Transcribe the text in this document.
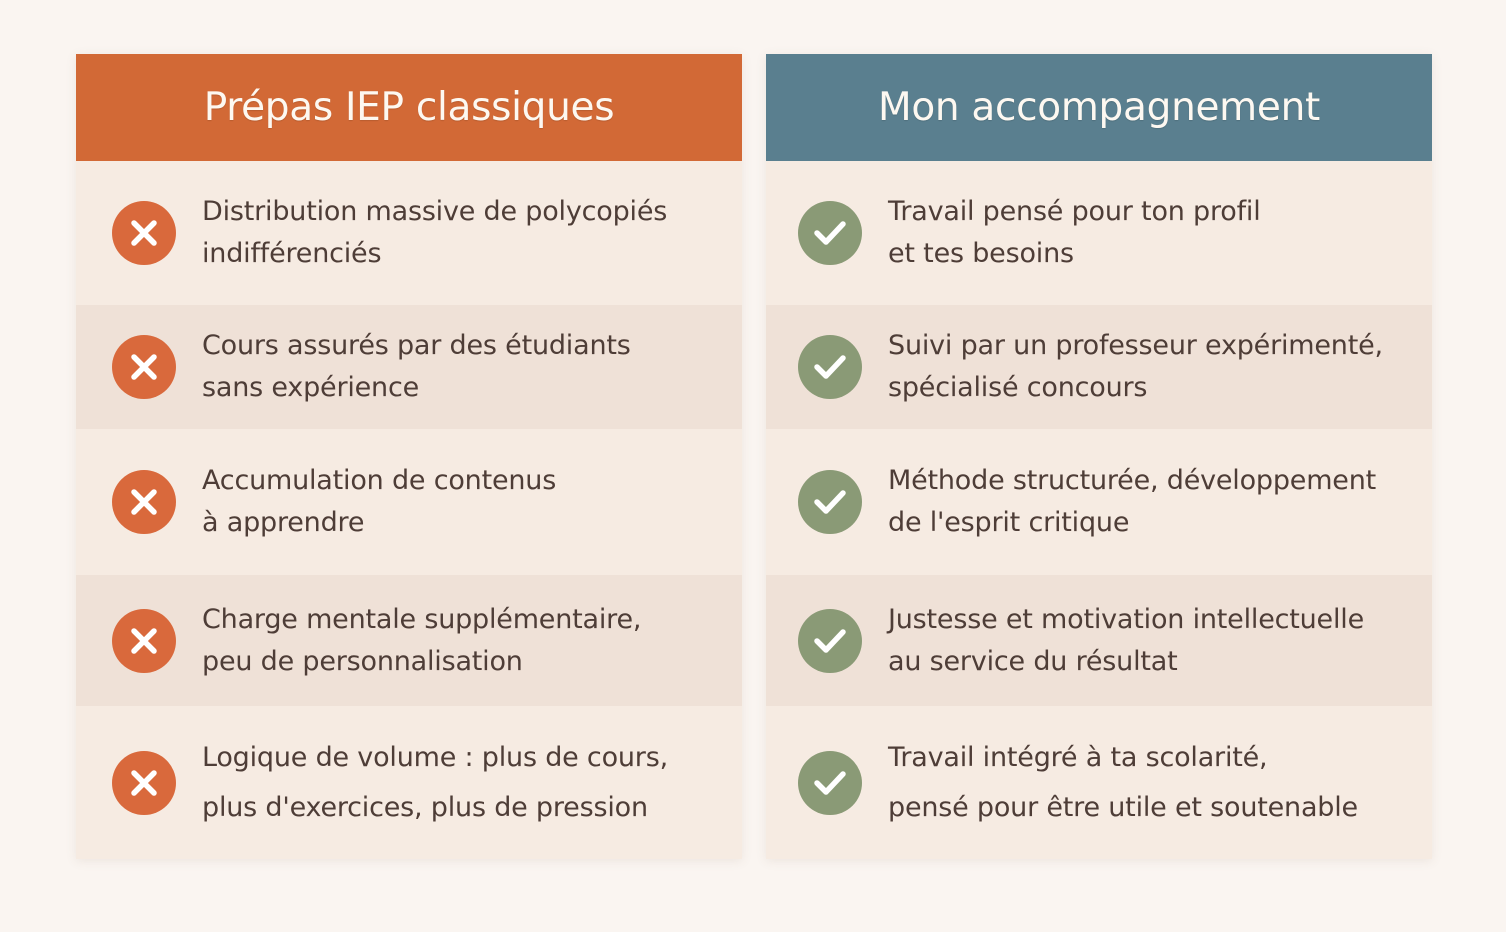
Prépas IEP classiques
Distribution massive de polycopiés
indifférenciés
Cours assurés par des étudiants
sans expérience
Accumulation de contenus
à apprendre
Charge mentale supplémentaire,
peu de personnalisation
Logique de volume : plus de cours,
plus d'exercices, plus de pression
Mon accompagnement
Travail pensé pour ton profil
et tes besoins
Suivi par un professeur expérimenté,
spécialisé concours
Méthode structurée, développement
de l'esprit critique
Justesse et motivation intellectuelle
au service du résultat
Travail intégré à ta scolarité,
pensé pour être utile et soutenable
